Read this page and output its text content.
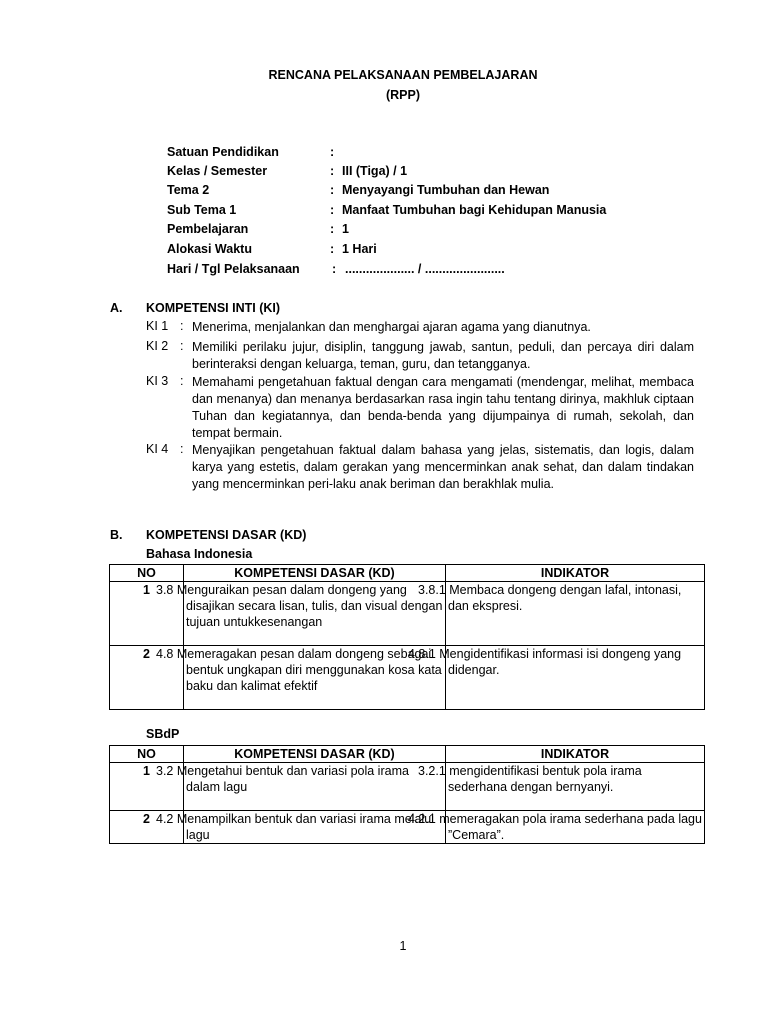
RENCANA PELAKSANAAN PEMBELAJARAN
(RPP)
Satuan Pendidikan	:
Kelas / Semester	: III (Tiga) / 1
Tema 2	: Menyayangi Tumbuhan dan Hewan
Sub Tema 1	: Manfaat Tumbuhan bagi Kehidupan Manusia
Pembelajaran	: 1
Alokasi Waktu	: 1 Hari
Hari / Tgl Pelaksanaan	: .................... / .......................
A. KOMPETENSI INTI (KI)
KI 1 : Menerima, menjalankan dan menghargai ajaran agama yang dianutnya.
KI 2 : Memiliki perilaku jujur, disiplin, tanggung jawab, santun, peduli, dan percaya diri dalam berinteraksi dengan keluarga, teman, guru, dan tetangganya.
KI 3 : Memahami pengetahuan faktual dengan cara mengamati (mendengar, melihat, membaca dan menanya) dan menanya berdasarkan rasa ingin tahu tentang dirinya, makhluk ciptaan Tuhan dan kegiatannya, dan benda-benda yang dijumpainya di rumah, sekolah, dan tempat bermain.
KI 4 : Menyajikan pengetahuan faktual dalam bahasa yang jelas, sistematis, dan logis, dalam karya yang estetis, dalam gerakan yang mencerminkan anak sehat, dan dalam tindakan yang mencerminkan peri-laku anak beriman dan berakhlak mulia.
B. KOMPETENSI DASAR (KD)
Bahasa Indonesia
NO	KOMPETENSI DASAR (KD)	INDIKATOR
1	3.8 Menguraikan pesan dalam dongeng yang disajikan secara lisan, tulis, dan visual dengan tujuan untukkesenangan	3.8.1 Membaca dongeng dengan lafal, intonasi, dan ekspresi.
2	4.8 Memeragakan pesan dalam dongeng sebagai bentuk ungkapan diri menggunakan kosa kata baku dan kalimat efektif	4.8.1 Mengidentifikasi informasi isi dongeng yang didengar.
SBdP
NO	KOMPETENSI DASAR (KD)	INDIKATOR
1	3.2 Mengetahui bentuk dan variasi pola irama dalam lagu	3.2.1 mengidentifikasi bentuk pola irama sederhana dengan bernyanyi.
2	4.2 Menampilkan bentuk dan variasi irama melalui lagu	4.2.1 memeragakan pola irama sederhana pada lagu ”Cemara”.
1
